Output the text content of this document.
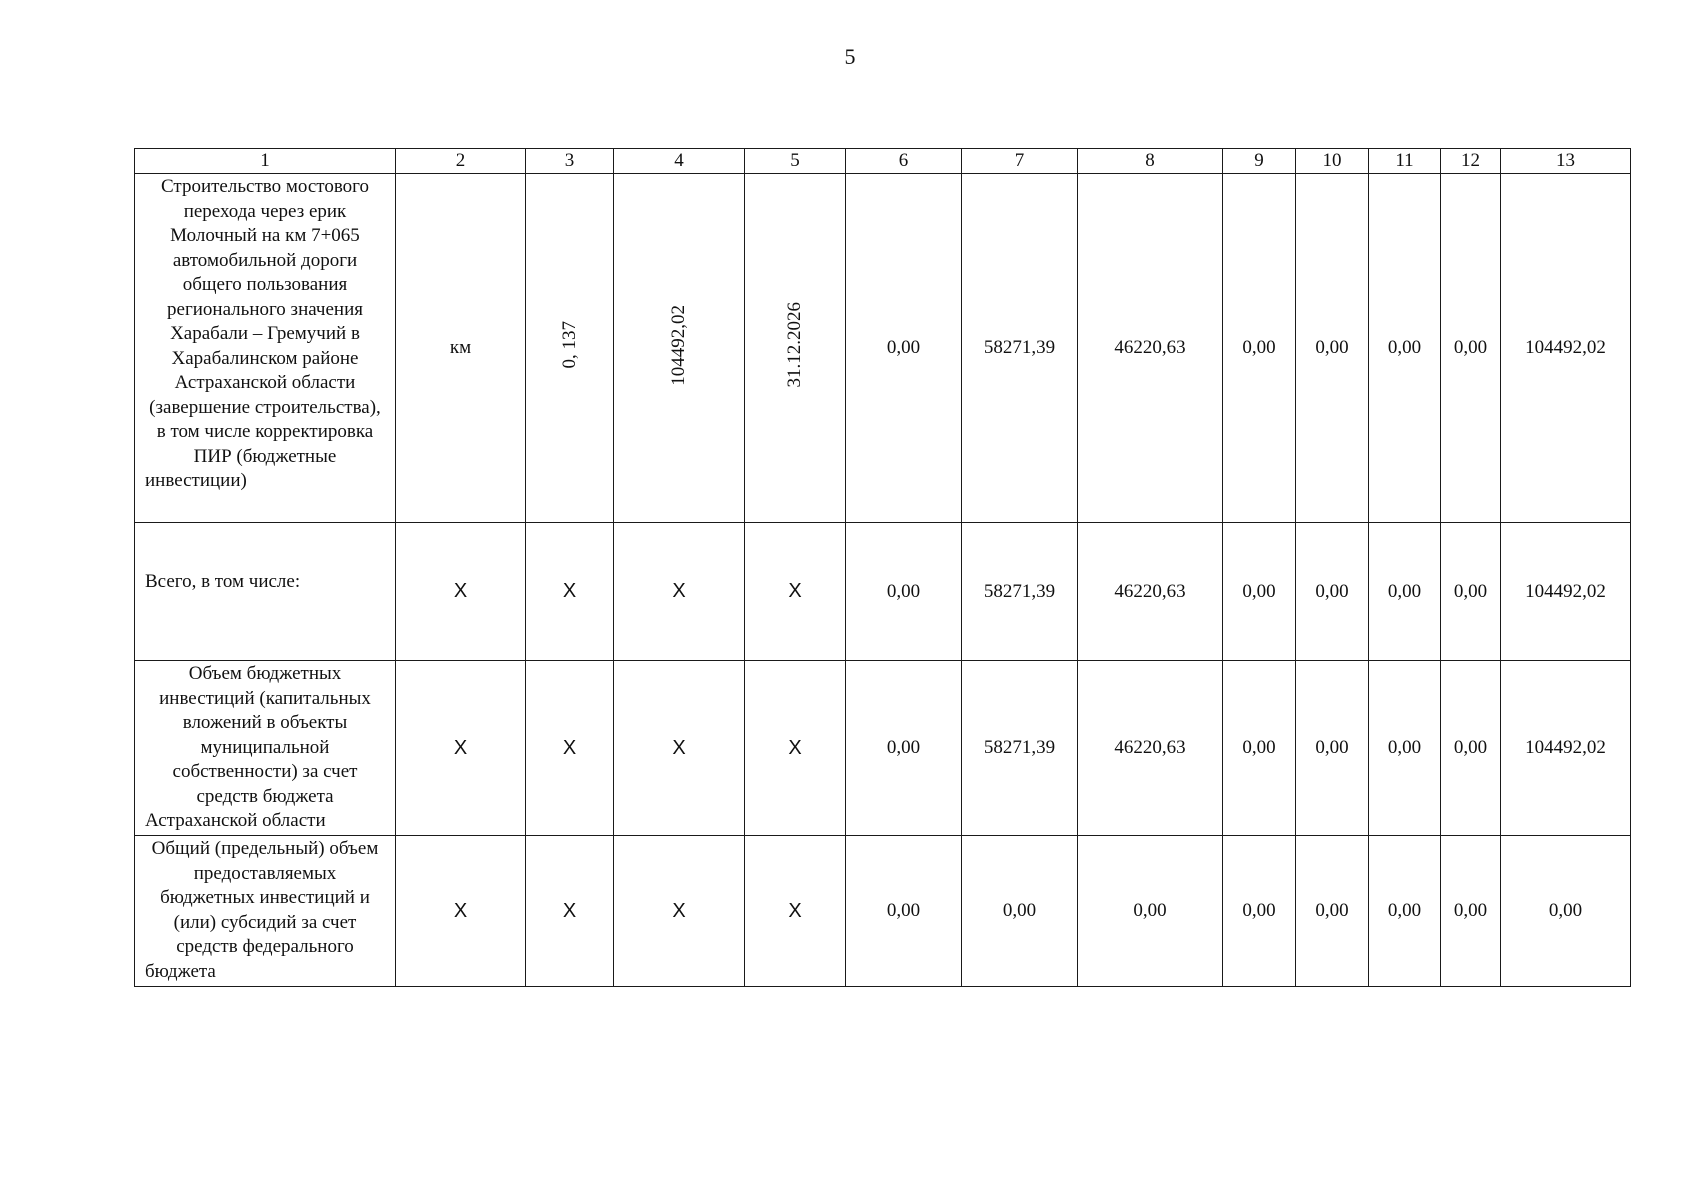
5
1	2	3	4	5	6	7	8	9	10	11	12	13
Строительство мостового перехода через ерик Молочный на км 7+065 автомобильной дороги общего пользования регионального значения Харабали – Гремучий в Харабалинском районе Астраханской области (завершение строительства), в том числе корректировка ПИР (бюджетные инвестиции)	км	0, 137	104492,02	31.12.2026	0,00	58271,39	46220,63	0,00	0,00	0,00	0,00	104492,02
Всего, в том числе:	X	X	X	X	0,00	58271,39	46220,63	0,00	0,00	0,00	0,00	104492,02
Объем бюджетных инвестиций (капитальных вложений в объекты муниципальной собственности) за счет средств бюджета Астраханской области	X	X	X	X	0,00	58271,39	46220,63	0,00	0,00	0,00	0,00	104492,02
Общий (предельный) объем предоставляемых бюджетных инвестиций и (или) субсидий за счет средств федерального бюджета	X	X	X	X	0,00	0,00	0,00	0,00	0,00	0,00	0,00	0,00
